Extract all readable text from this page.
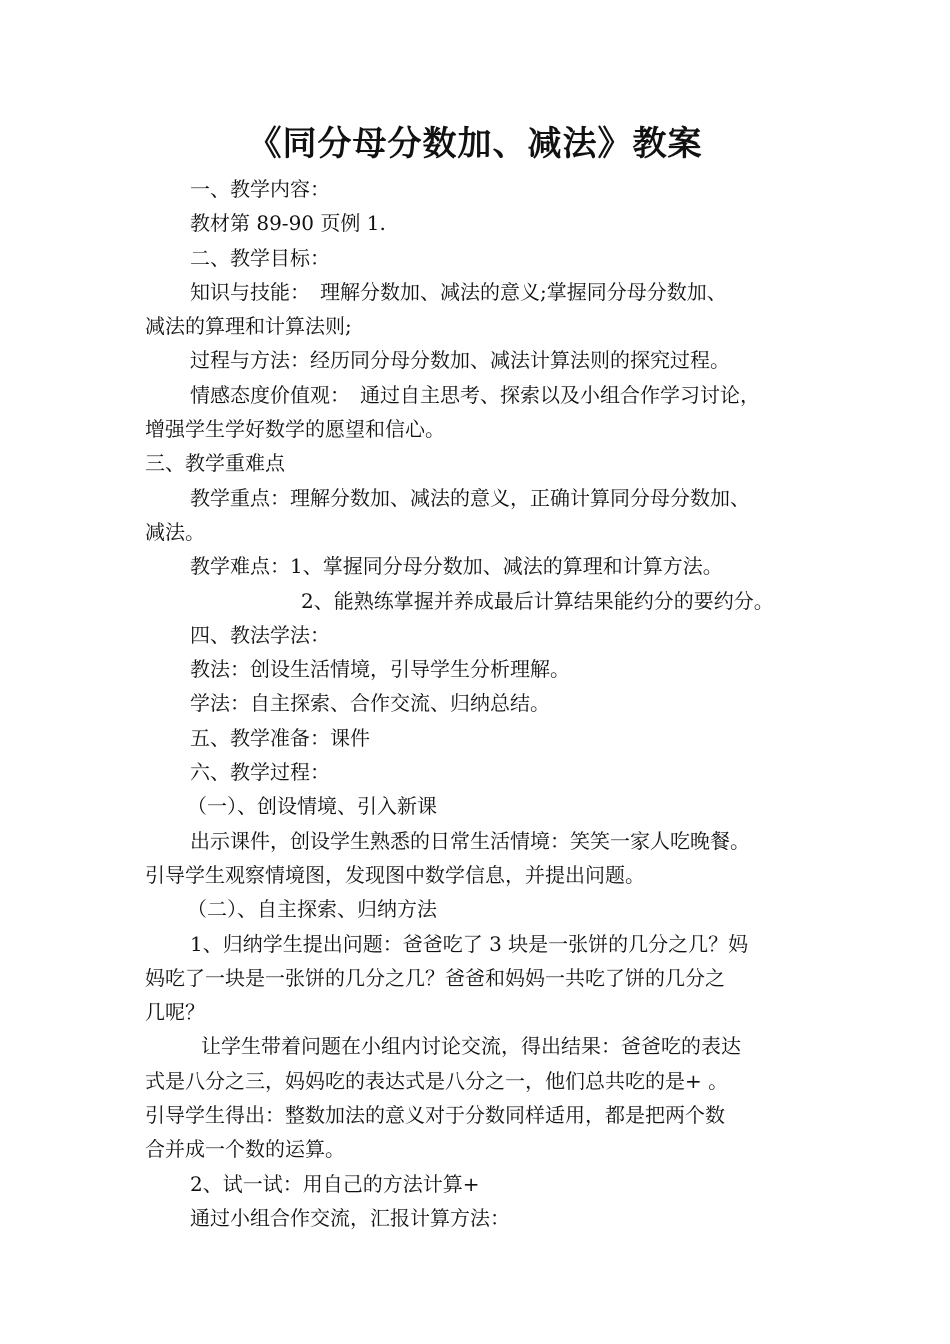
《同分母分数加、减法》教案

一、教学内容：

教材第 89-90 页例 1.

二、教学目标：

知识与技能：　理解分数加、减法的意义;掌握同分母分数加、

减法的算理和计算法则;

过程与方法：经历同分母分数加、减法计算法则的探究过程。

情感态度价值观：　通过自主思考、探索以及小组合作学习讨论，

增强学生学好数学的愿望和信心。

三、教学重难点

教学重点：理解分数加、减法的意义，正确计算同分母分数加、

减法。

教学难点：1、掌握同分母分数加、减法的算理和计算方法。

2、能熟练掌握并养成最后计算结果能约分的要约分。

四、教法学法：

教法：创设生活情境，引导学生分析理解。

学法：自主探索、合作交流、归纳总结。

五、教学准备：课件

六、教学过程：

（一）、创设情境、引入新课

出示课件，创设学生熟悉的日常生活情境：笑笑一家人吃晚餐。

引导学生观察情境图，发现图中数学信息，并提出问题。

（二）、自主探索、归纳方法

1、归纳学生提出问题：爸爸吃了 3 块是一张饼的几分之几？妈

妈吃了一块是一张饼的几分之几？爸爸和妈妈一共吃了饼的几分之

几呢？

让学生带着问题在小组内讨论交流，得出结果：爸爸吃的表达

式是八分之三，妈妈吃的表达式是八分之一，他们总共吃的是+ 。

引导学生得出：整数加法的意义对于分数同样适用，都是把两个数

合并成一个数的运算。

2、试一试：用自己的方法计算+

通过小组合作交流，汇报计算方法：
